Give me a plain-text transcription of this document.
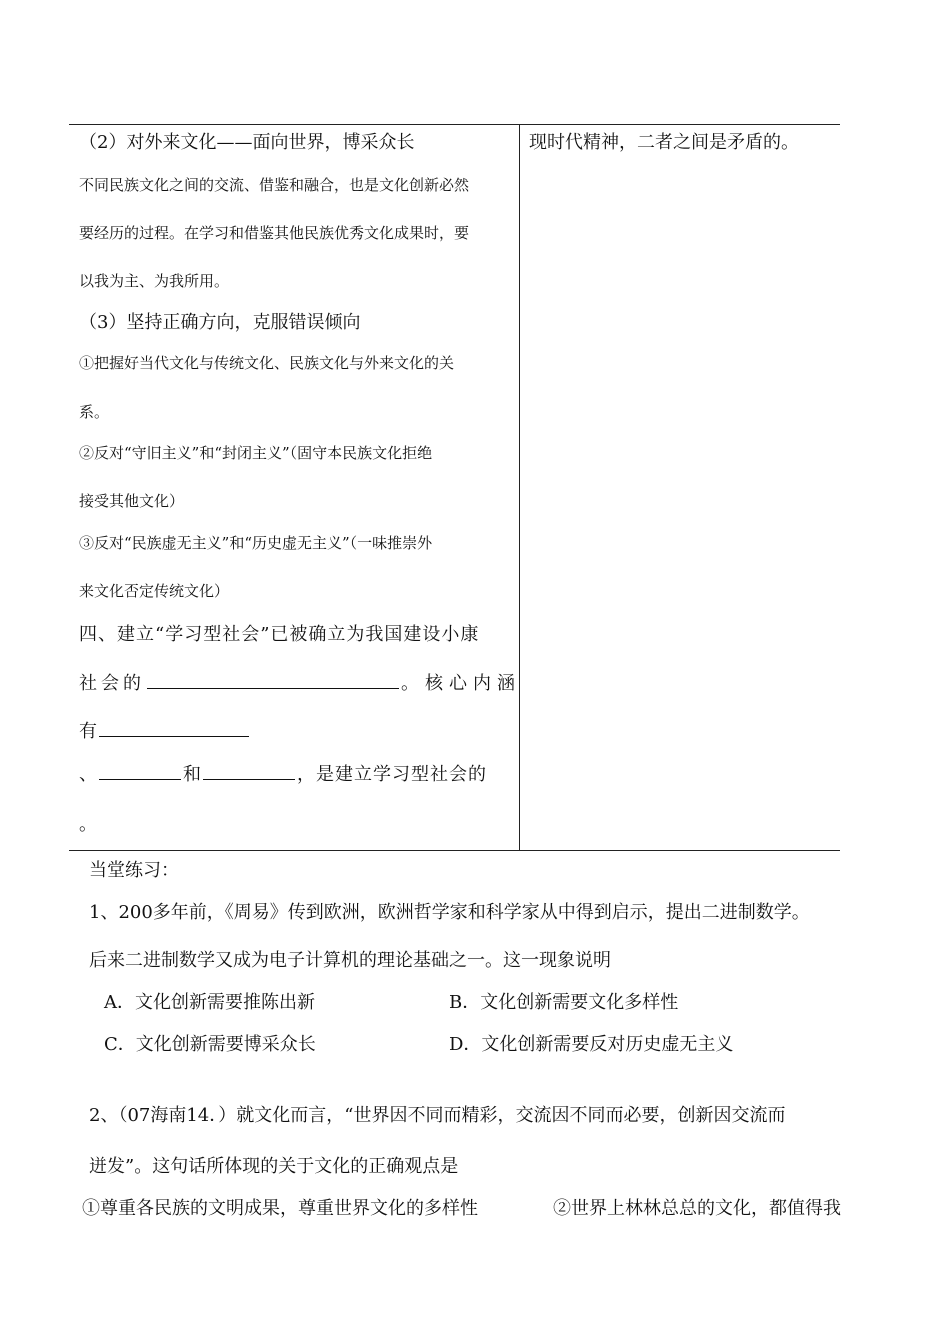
（2）对外来文化——面向世界，博采众长
不同民族文化之间的交流、借鉴和融合，也是文化创新必然
要经历的过程。在学习和借鉴其他民族优秀文化成果时，要
以我为主、为我所用。
（3）坚持正确方向，克服错误倾向
①把握好当代文化与传统文化、民族文化与外来文化的关
系。
②反对“守旧主义”和“封闭主义”（固守本民族文化拒绝
接受其他文化）
③反对“民族虚无主义”和“历史虚无主义”（一味推崇外
来文化否定传统文化）
四、建立“学习型社会”已被确立为我国建设小康
社会的	。核心内涵
有
、	和	，是建立学习型社会的
。
现时代精神，二者之间是矛盾的。
当堂练习：
1、200多年前，《周易》传到欧洲，欧洲哲学家和科学家从中得到启示，提出二进制数学。
后来二进制数学又成为电子计算机的理论基础之一。这一现象说明
A．文化创新需要推陈出新	B．文化创新需要文化多样性
C．文化创新需要博采众长	D．文化创新需要反对历史虚无主义
2、（07海南14．）就文化而言，“世界因不同而精彩，交流因不同而必要，创新因交流而
迸发”。这句话所体现的关于文化的正确观点是
①尊重各民族的文明成果，尊重世界文化的多样性	②世界上林林总总的文化，都值得我
